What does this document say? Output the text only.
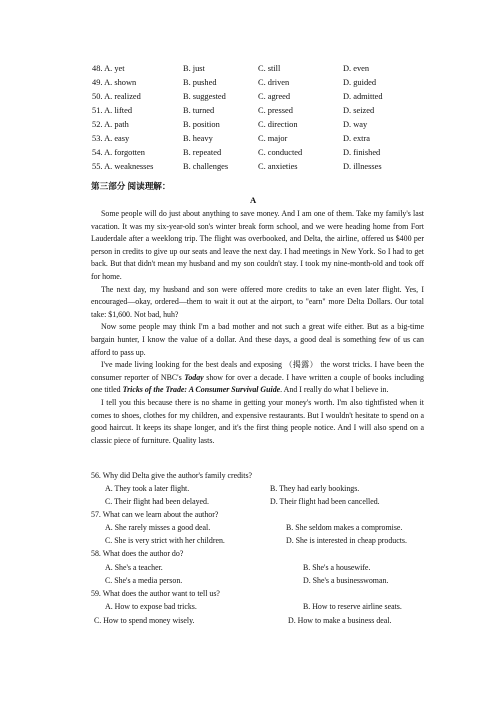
48. A. yet	B. just	C. still	D. even
49. A. shown	B. pushed	C. driven	D. guided
50. A. realized	B. suggested	C. agreed	D. admitted
51. A. lifted	B. turned	C. pressed	D. seized
52. A. path	B. position	C. direction	D. way
53. A. easy	B. heavy	C. major	D. extra
54. A. forgotten	B. repeated	C. conducted	D. finished
55. A. weaknesses	B. challenges	C. anxieties	D. illnesses
第三部分 阅读理解：
A

Some people will do just about anything to save money. And I am one of them. Take my family's last vacation. It was my six-year-old son's winter break form school, and we were heading home from Fort Lauderdale after a weeklong trip. The flight was overbooked, and Delta, the airline, offered us $400 per person in credits to give up our seats and leave the next day. I had meetings in New York. So I had to get back. But that didn't mean my husband and my son couldn't stay. I took my nine-month-old and took off for home.

The next day, my husband and son were offered more credits to take an even later flight. Yes, I encouraged—okay, ordered—them to wait it out at the airport, to "earn" more Delta Dollars. Our total take: $1,600. Not bad, huh?

Now some people may think I'm a bad mother and not such a great wife either. But as a big-time bargain hunter, I know the value of a dollar. And these days, a good deal is something few of us can afford to pass up.

I've made living looking for the best deals and exposing （揭露） the worst tricks. I have been the consumer reporter of NBC's Today show for over a decade. I have written a couple of books including one titled Tricks of the Trade: A Consumer Survival Guide. And I really do what I believe in.

I tell you this because there is no shame in getting your money's worth. I'm also tightfisted when it comes to shoes, clothes for my children, and expensive restaurants. But I wouldn't hesitate to spend on a good haircut. It keeps its shape longer, and it's the first thing people notice. And I will also spend on a classic piece of furniture. Quality lasts.

56. Why did Delta give the author's family credits?
A. They took a later flight.	B. They had early bookings.
C. Their flight had been delayed.	D. Their flight had been cancelled.
57. What can we learn about the author?
A. She rarely misses a good deal.	B. She seldom makes a compromise.
C. She is very strict with her children.	D. She is interested in cheap products.
58. What does the author do?
A. She's a teacher.	B. She's a housewife.
C. She's a media person.	D. She's a businesswoman.
59. What does the author want to tell us?
A. How to expose bad tricks.	B. How to reserve airline seats.
C. How to spend money wisely.	D. How to make a business deal.
